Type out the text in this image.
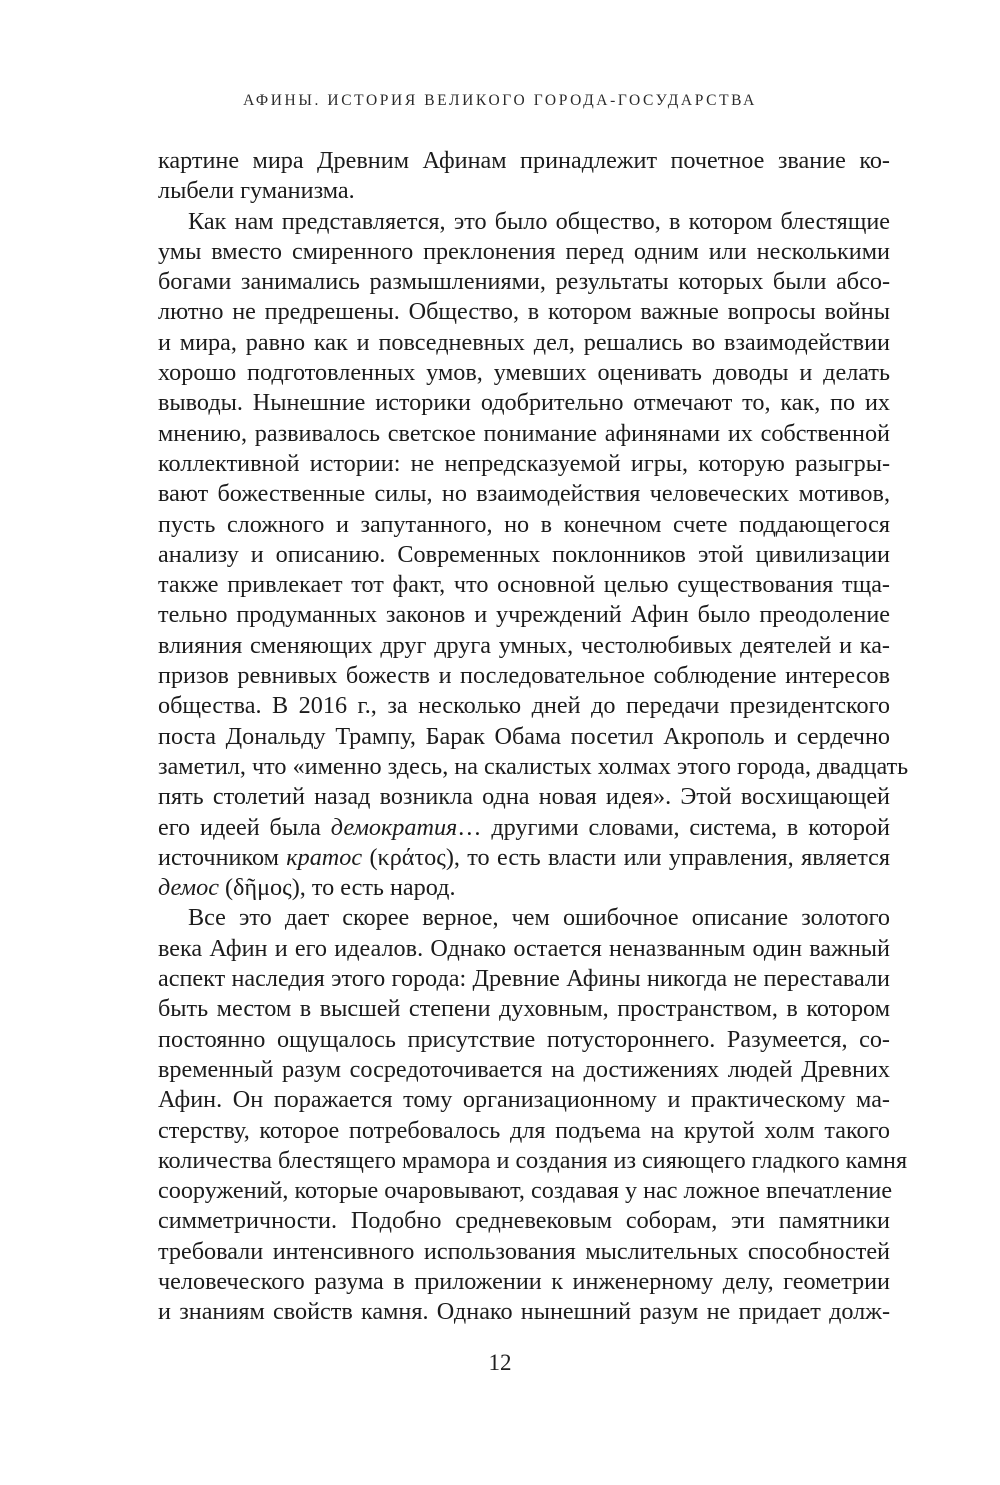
АФИНЫ. ИСТОРИЯ ВЕЛИКОГО ГОРОДА-ГОСУДАРСТВА
картине мира Древним Афинам принадлежит почетное звание ко-
лыбели гуманизма.
Как нам представляется, это было общество, в котором блестящие
умы вместо смиренного преклонения перед одним или несколькими
богами занимались размышлениями, результаты которых были абсо-
лютно не предрешены. Общество, в котором важные вопросы войны
и мира, равно как и повседневных дел, решались во взаимодействии
хорошо подготовленных умов, умевших оценивать доводы и делать
выводы. Нынешние историки одобрительно отмечают то, как, по их
мнению, развивалось светское понимание афинянами их собственной
коллективной истории: не непредсказуемой игры, которую разыгры-
вают божественные силы, но взаимодействия человеческих мотивов,
пусть сложного и запутанного, но в конечном счете поддающегося
анализу и описанию. Современных поклонников этой цивилизации
также привлекает тот факт, что основной целью существования тща-
тельно продуманных законов и учреждений Афин было преодоление
влияния сменяющих друг друга умных, честолюбивых деятелей и ка-
призов ревнивых божеств и последовательное соблюдение интересов
общества. В 2016 г., за несколько дней до передачи президентского
поста Дональду Трампу, Барак Обама посетил Акрополь и сердечно
заметил, что «именно здесь, на скалистых холмах этого города, двадцать
пять столетий назад возникла одна новая идея». Этой восхищающей
его идеей была демократия… другими словами, система, в которой
источником кратос (κράτος), то есть власти или управления, является
демос (δῆμος), то есть народ.
Все это дает скорее верное, чем ошибочное описание золотого
века Афин и его идеалов. Однако остается неназванным один важный
аспект наследия этого города: Древние Афины никогда не переставали
быть местом в высшей степени духовным, пространством, в котором
постоянно ощущалось присутствие потустороннего. Разумеется, со-
временный разум сосредоточивается на достижениях людей Древних
Афин. Он поражается тому организационному и практическому ма-
стерству, которое потребовалось для подъема на крутой холм такого
количества блестящего мрамора и создания из сияющего гладкого камня
сооружений, которые очаровывают, создавая у нас ложное впечатление
симметричности. Подобно средневековым соборам, эти памятники
требовали интенсивного использования мыслительных способностей
человеческого разума в приложении к инженерному делу, геометрии
и знаниям свойств камня. Однако нынешний разум не придает долж-
12
